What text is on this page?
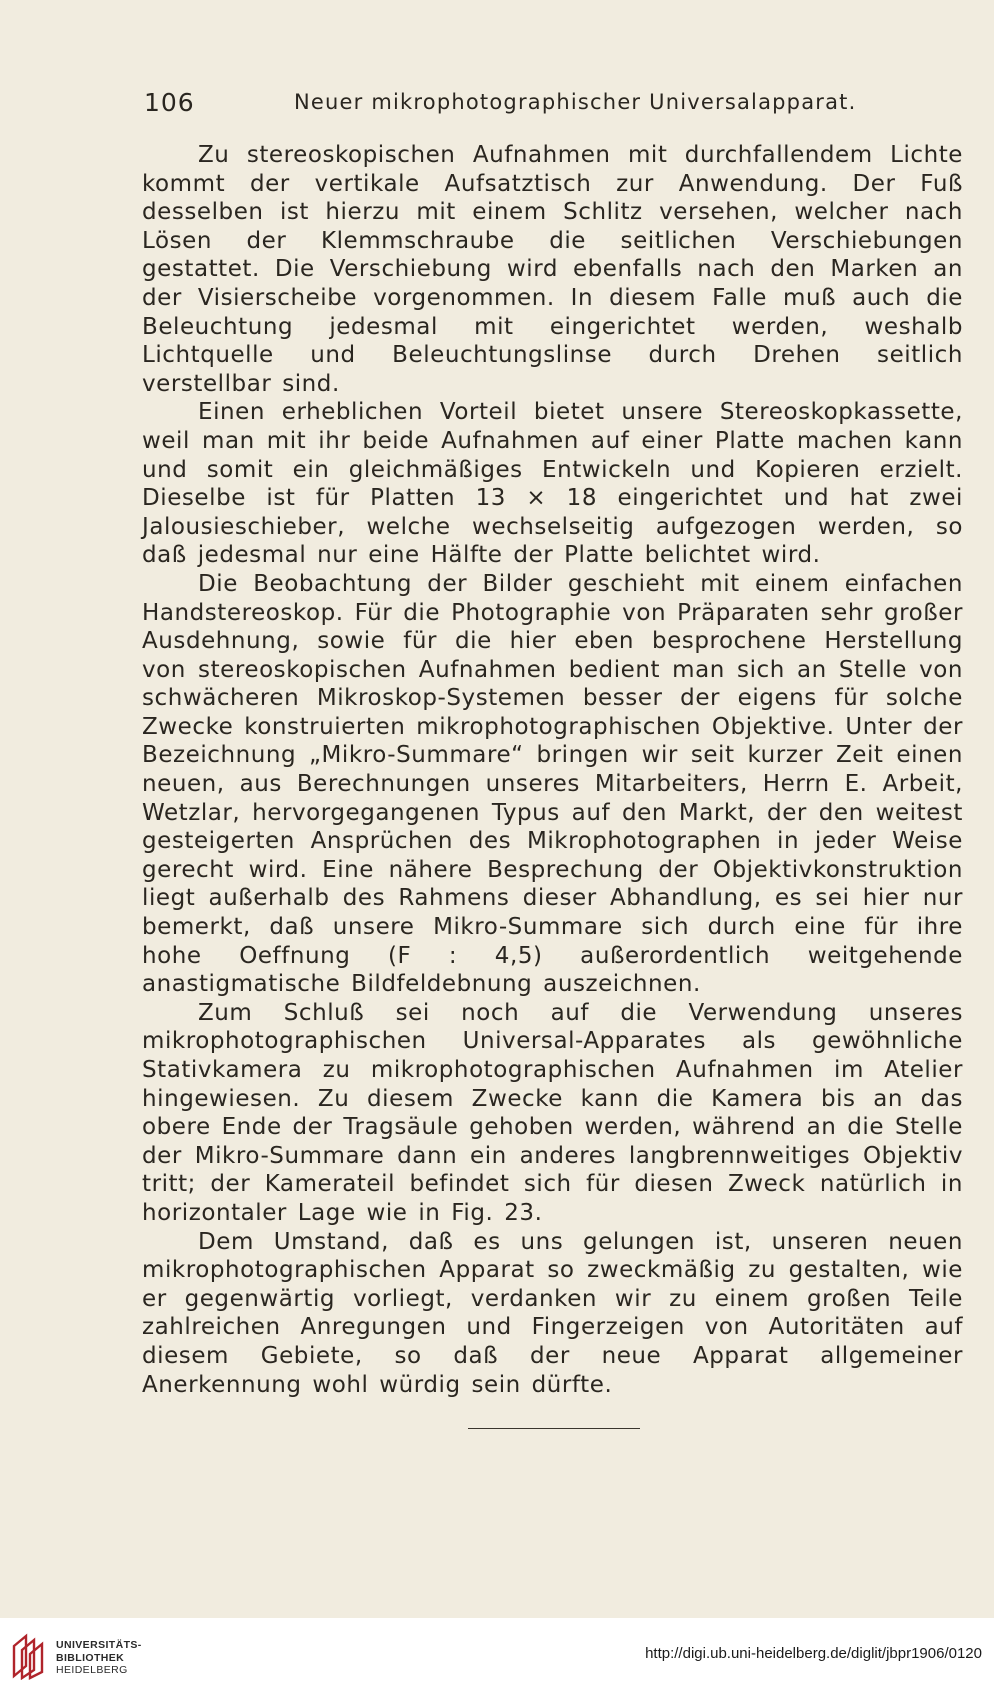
106	Neuer mikrophotographischer Universalapparat.

Zu stereoskopischen Aufnahmen mit durchfallendem Lichte kommt der vertikale Aufsatztisch zur Anwendung. Der Fuß desselben ist hierzu mit einem Schlitz versehen, welcher nach Lösen der Klemmschraube die seitlichen Verschiebungen gestattet. Die Verschiebung wird ebenfalls nach den Marken an der Visierscheibe vorgenommen. In diesem Falle muß auch die Beleuchtung jedesmal mit eingerichtet werden, weshalb Lichtquelle und Beleuchtungslinse durch Drehen seitlich verstellbar sind.

Einen erheblichen Vorteil bietet unsere Stereoskopkassette, weil man mit ihr beide Aufnahmen auf einer Platte machen kann und somit ein gleichmäßiges Entwickeln und Kopieren erzielt. Dieselbe ist für Platten 13 × 18 eingerichtet und hat zwei Jalousieschieber, welche wechselseitig aufgezogen werden, so daß jedesmal nur eine Hälfte der Platte belichtet wird.

Die Beobachtung der Bilder geschieht mit einem einfachen Handstereoskop. Für die Photographie von Präparaten sehr großer Ausdehnung, sowie für die hier eben besprochene Herstellung von stereoskopischen Aufnahmen bedient man sich an Stelle von schwächeren Mikroskop-Systemen besser der eigens für solche Zwecke konstruierten mikrophotographischen Objektive. Unter der Bezeichnung „Mikro-Summare“ bringen wir seit kurzer Zeit einen neuen, aus Berechnungen unseres Mitarbeiters, Herrn E. Arbeit, Wetzlar, hervorgegangenen Typus auf den Markt, der den weitest gesteigerten Ansprüchen des Mikrophotographen in jeder Weise gerecht wird. Eine nähere Besprechung der Objektivkonstruktion liegt außerhalb des Rahmens dieser Abhandlung, es sei hier nur bemerkt, daß unsere Mikro-Summare sich durch eine für ihre hohe Oeffnung (F : 4,5) außerordentlich weitgehende anastigmatische Bildfeldebnung auszeichnen.

Zum Schluß sei noch auf die Verwendung unseres mikrophotographischen Universal-Apparates als gewöhnliche Stativkamera zu mikrophotographischen Aufnahmen im Atelier hingewiesen. Zu diesem Zwecke kann die Kamera bis an das obere Ende der Tragsäule gehoben werden, während an die Stelle der Mikro-Summare dann ein anderes langbrennweitiges Objektiv tritt; der Kamerateil befindet sich für diesen Zweck natürlich in horizontaler Lage wie in Fig. 23.

Dem Umstand, daß es uns gelungen ist, unseren neuen mikrophotographischen Apparat so zweckmäßig zu gestalten, wie er gegenwärtig vorliegt, verdanken wir zu einem großen Teile zahlreichen Anregungen und Fingerzeigen von Autoritäten auf diesem Gebiete, so daß der neue Apparat allgemeiner Anerkennung wohl würdig sein dürfte.

UNIVERSITÄTS-
BIBLIOTHEK
HEIDELBERG
http://digi.ub.uni-heidelberg.de/diglit/jbpr1906/0120
